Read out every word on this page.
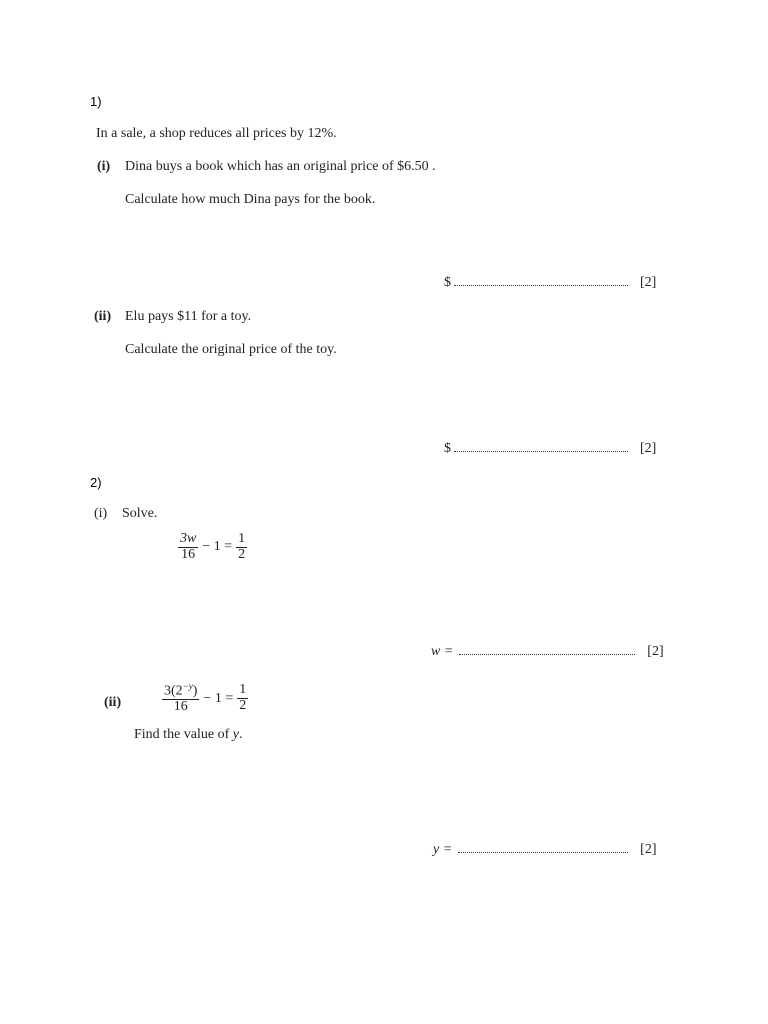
1)
In a sale, a shop reduces all prices by 12%.
(i) Dina buys a book which has an original price of $6.50 .
Calculate how much Dina pays for the book.
$	[2]
(ii) Elu pays $11 for a toy.
Calculate the original price of the toy.
$	[2]
2)
(i) Solve.
$\frac{3w}{16} - 1 = \frac{1}{2}$
w =	[2]
(ii)	$\frac{3(2^{-y})}{16} - 1 = \frac{1}{2}$
Find the value of y.
y =	[2]
